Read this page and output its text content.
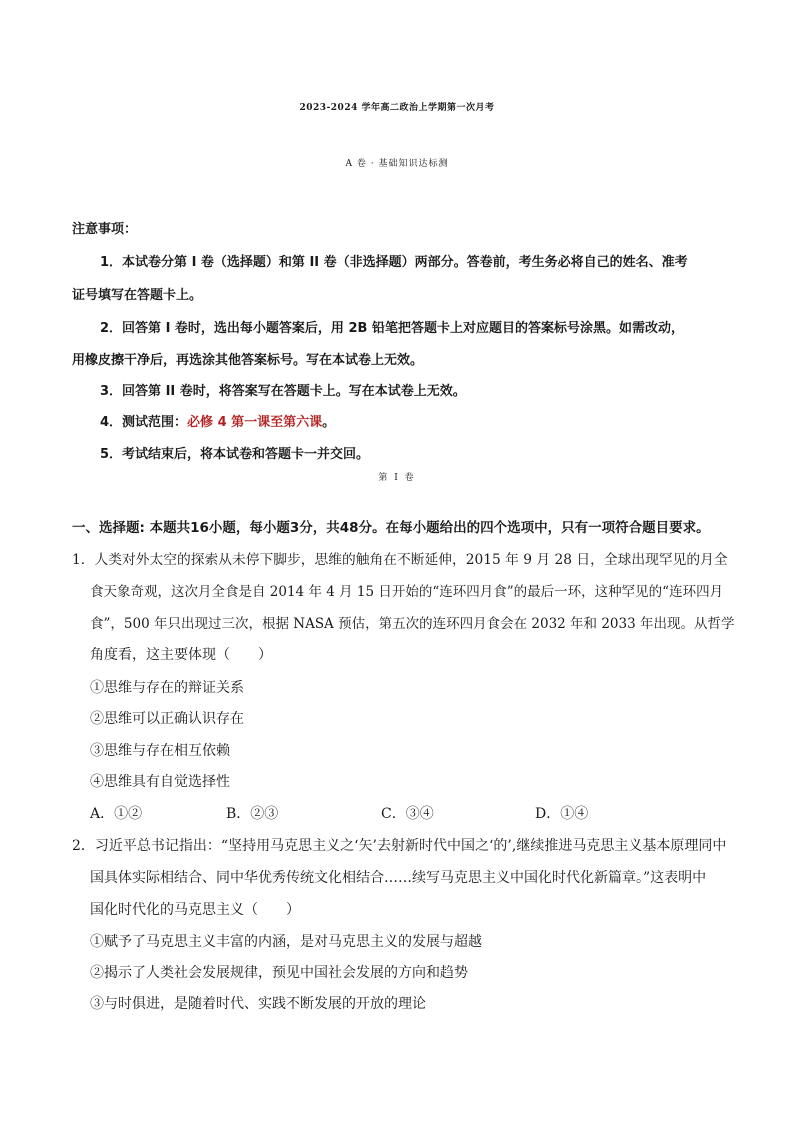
2023-2024 学年高二政治上学期第一次月考
A 卷 · 基础知识达标测
注意事项：
1．本试卷分第 I 卷（选择题）和第 II 卷（非选择题）两部分。答卷前，考生务必将自己的姓名、准考
证号填写在答题卡上。
2．回答第 I 卷时，选出每小题答案后，用 2B 铅笔把答题卡上对应题目的答案标号涂黑。如需改动，
用橡皮擦干净后，再选涂其他答案标号。写在本试卷上无效。
3．回答第 II 卷时，将答案写在答题卡上。写在本试卷上无效。
4．测试范围：必修 4 第一课至第六课。
5．考试结束后，将本试卷和答题卡一并交回。
第 I 卷
一、选择题: 本题共16小题，每小题3分，共48分。在每小题给出的四个选项中，只有一项符合题目要求。
1．人类对外太空的探索从未停下脚步，思维的触角在不断延伸，2015 年 9 月 28 日，全球出现罕见的月全
食天象奇观，这次月全食是自 2014 年 4 月 15 日开始的“连环四月食”的最后一环，这种罕见的“连环四月
食”，500 年只出现过三次，根据 NASA 预估，第五次的连环四月食会在 2032 年和 2033 年出现。从哲学
角度看，这主要体现（　　）
①思维与存在的辩证关系
②思维可以正确认识存在
③思维与存在相互依赖
④思维具有自觉选择性
A．①②	B．②③	C．③④	D．①④
2．习近平总书记指出：“坚持用马克思主义之‘矢’去射新时代中国之‘的’,继续推进马克思主义基本原理同中
国具体实际相结合、同中华优秀传统文化相结合……续写马克思主义中国化时代化新篇章。”这表明中
国化时代化的马克思主义（　　）
①赋予了马克思主义丰富的内涵，是对马克思主义的发展与超越
②揭示了人类社会发展规律，预见中国社会发展的方向和趋势
③与时俱进，是随着时代、实践不断发展的开放的理论
